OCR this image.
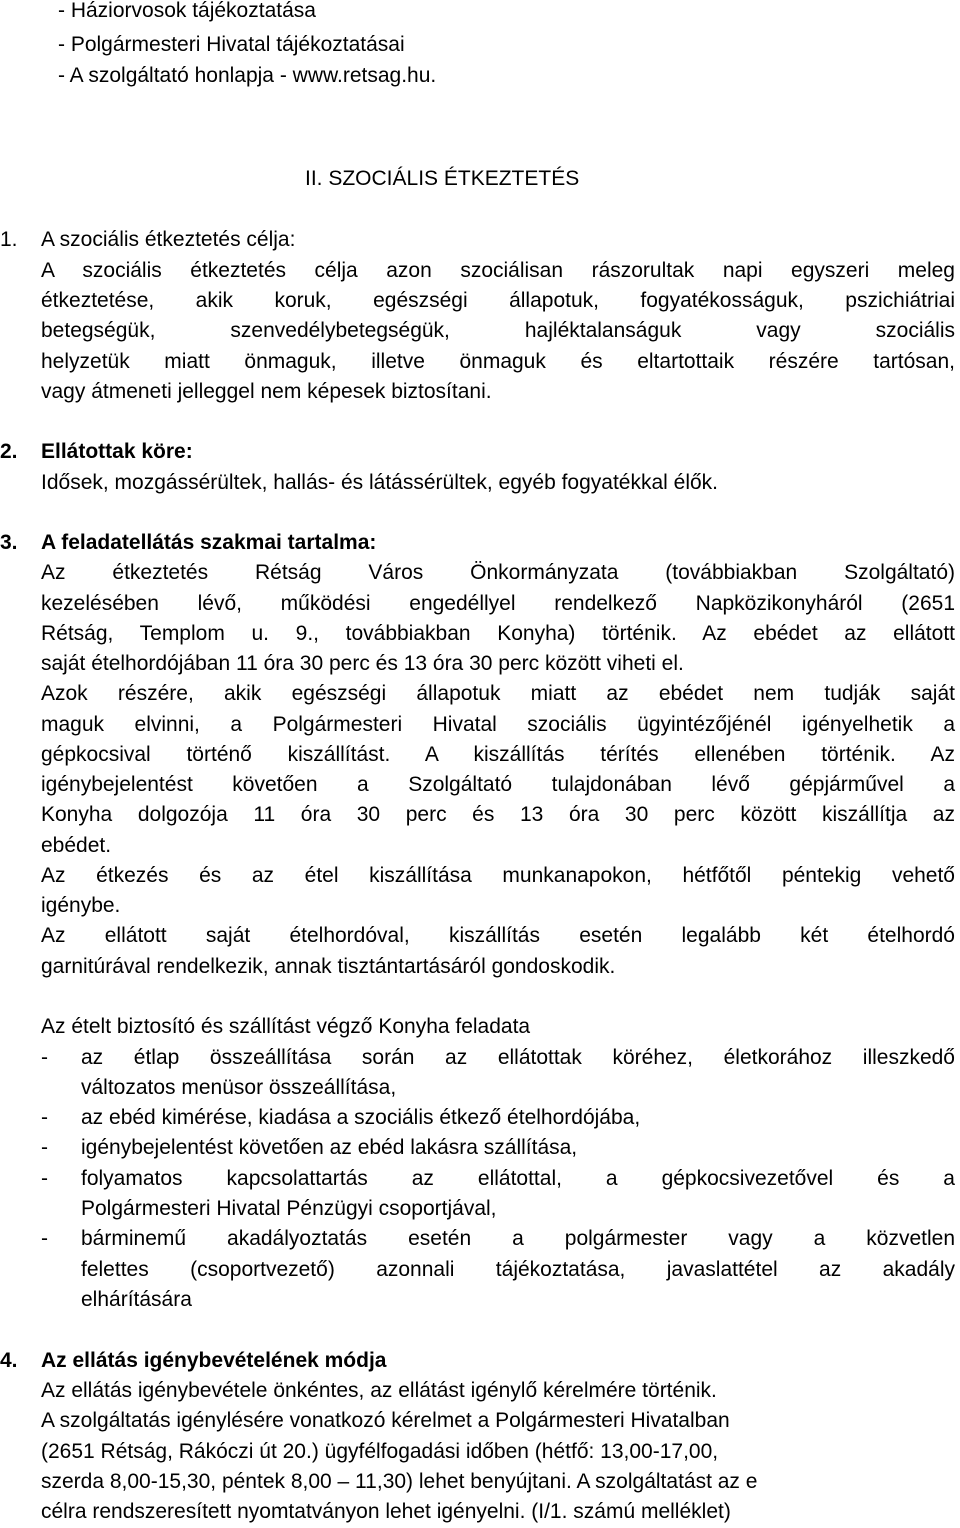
- Háziorvosok tájékoztatása
- Polgármesteri Hivatal tájékoztatásai
- A szolgáltató honlapja - www.retsag.hu.
II. SZOCIÁLIS ÉTKEZTETÉS
1. A szociális étkeztetés célja:
A szociális étkeztetés célja azon szociálisan rászorultak napi egyszeri meleg
étkeztetése, akik koruk, egészségi állapotuk, fogyatékosságuk, pszichiátriai
betegségük, szenvedélybetegségük, hajléktalanságuk vagy szociális
helyzetük miatt önmaguk, illetve önmaguk és eltartottaik részére tartósan,
vagy átmeneti jelleggel nem képesek biztosítani.
2. Ellátottak köre:
Idősek, mozgássérültek, hallás- és látássérültek, egyéb fogyatékkal élők.
3. A feladatellátás szakmai tartalma:
Az étkeztetés Rétság Város Önkormányzata (továbbiakban Szolgáltató)
kezelésében lévő, működési engedéllyel rendelkező Napközikonyháról (2651
Rétság, Templom u. 9., továbbiakban Konyha) történik. Az ebédet az ellátott
saját ételhordójában 11 óra 30 perc és 13 óra 30 perc között viheti el.
Azok részére, akik egészségi állapotuk miatt az ebédet nem tudják saját
maguk elvinni, a Polgármesteri Hivatal szociális ügyintézőjénél igényelhetik a
gépkocsival történő kiszállítást. A kiszállítás térítés ellenében történik. Az
igénybejelentést követően a Szolgáltató tulajdonában lévő gépjárművel a
Konyha dolgozója 11 óra 30 perc és 13 óra 30 perc között kiszállítja az
ebédet.
Az étkezés és az étel kiszállítása munkanapokon, hétfőtől péntekig vehető
igénybe.
Az ellátott saját ételhordóval, kiszállítás esetén legalább két ételhordó
garnitúrával rendelkezik, annak tisztántartásáról gondoskodik.
Az ételt biztosító és szállítást végző Konyha feladata
- az étlap összeállítása során az ellátottak köréhez, életkorához illeszkedő
változatos menüsor összeállítása,
- az ebéd kimérése, kiadása a szociális étkező ételhordójába,
- igénybejelentést követően az ebéd lakásra szállítása,
- folyamatos kapcsolattartás az ellátottal, a gépkocsivezetővel és a
Polgármesteri Hivatal Pénzügyi csoportjával,
- bárminemű akadályoztatás esetén a polgármester vagy a közvetlen
felettes (csoportvezető) azonnali tájékoztatása, javaslattétel az akadály
elhárítására
4. Az ellátás igénybevételének módja
Az ellátás igénybevétele önkéntes, az ellátást igénylő kérelmére történik.
A szolgáltatás igénylésére vonatkozó kérelmet a Polgármesteri Hivatalban
(2651 Rétság, Rákóczi út 20.) ügyfélfogadási időben (hétfő: 13,00-17,00,
szerda 8,00-15,30, péntek 8,00 – 11,30) lehet benyújtani. A szolgáltatást az e
célra rendszeresített nyomtatványon lehet igényelni. (I/1. számú melléklet)
